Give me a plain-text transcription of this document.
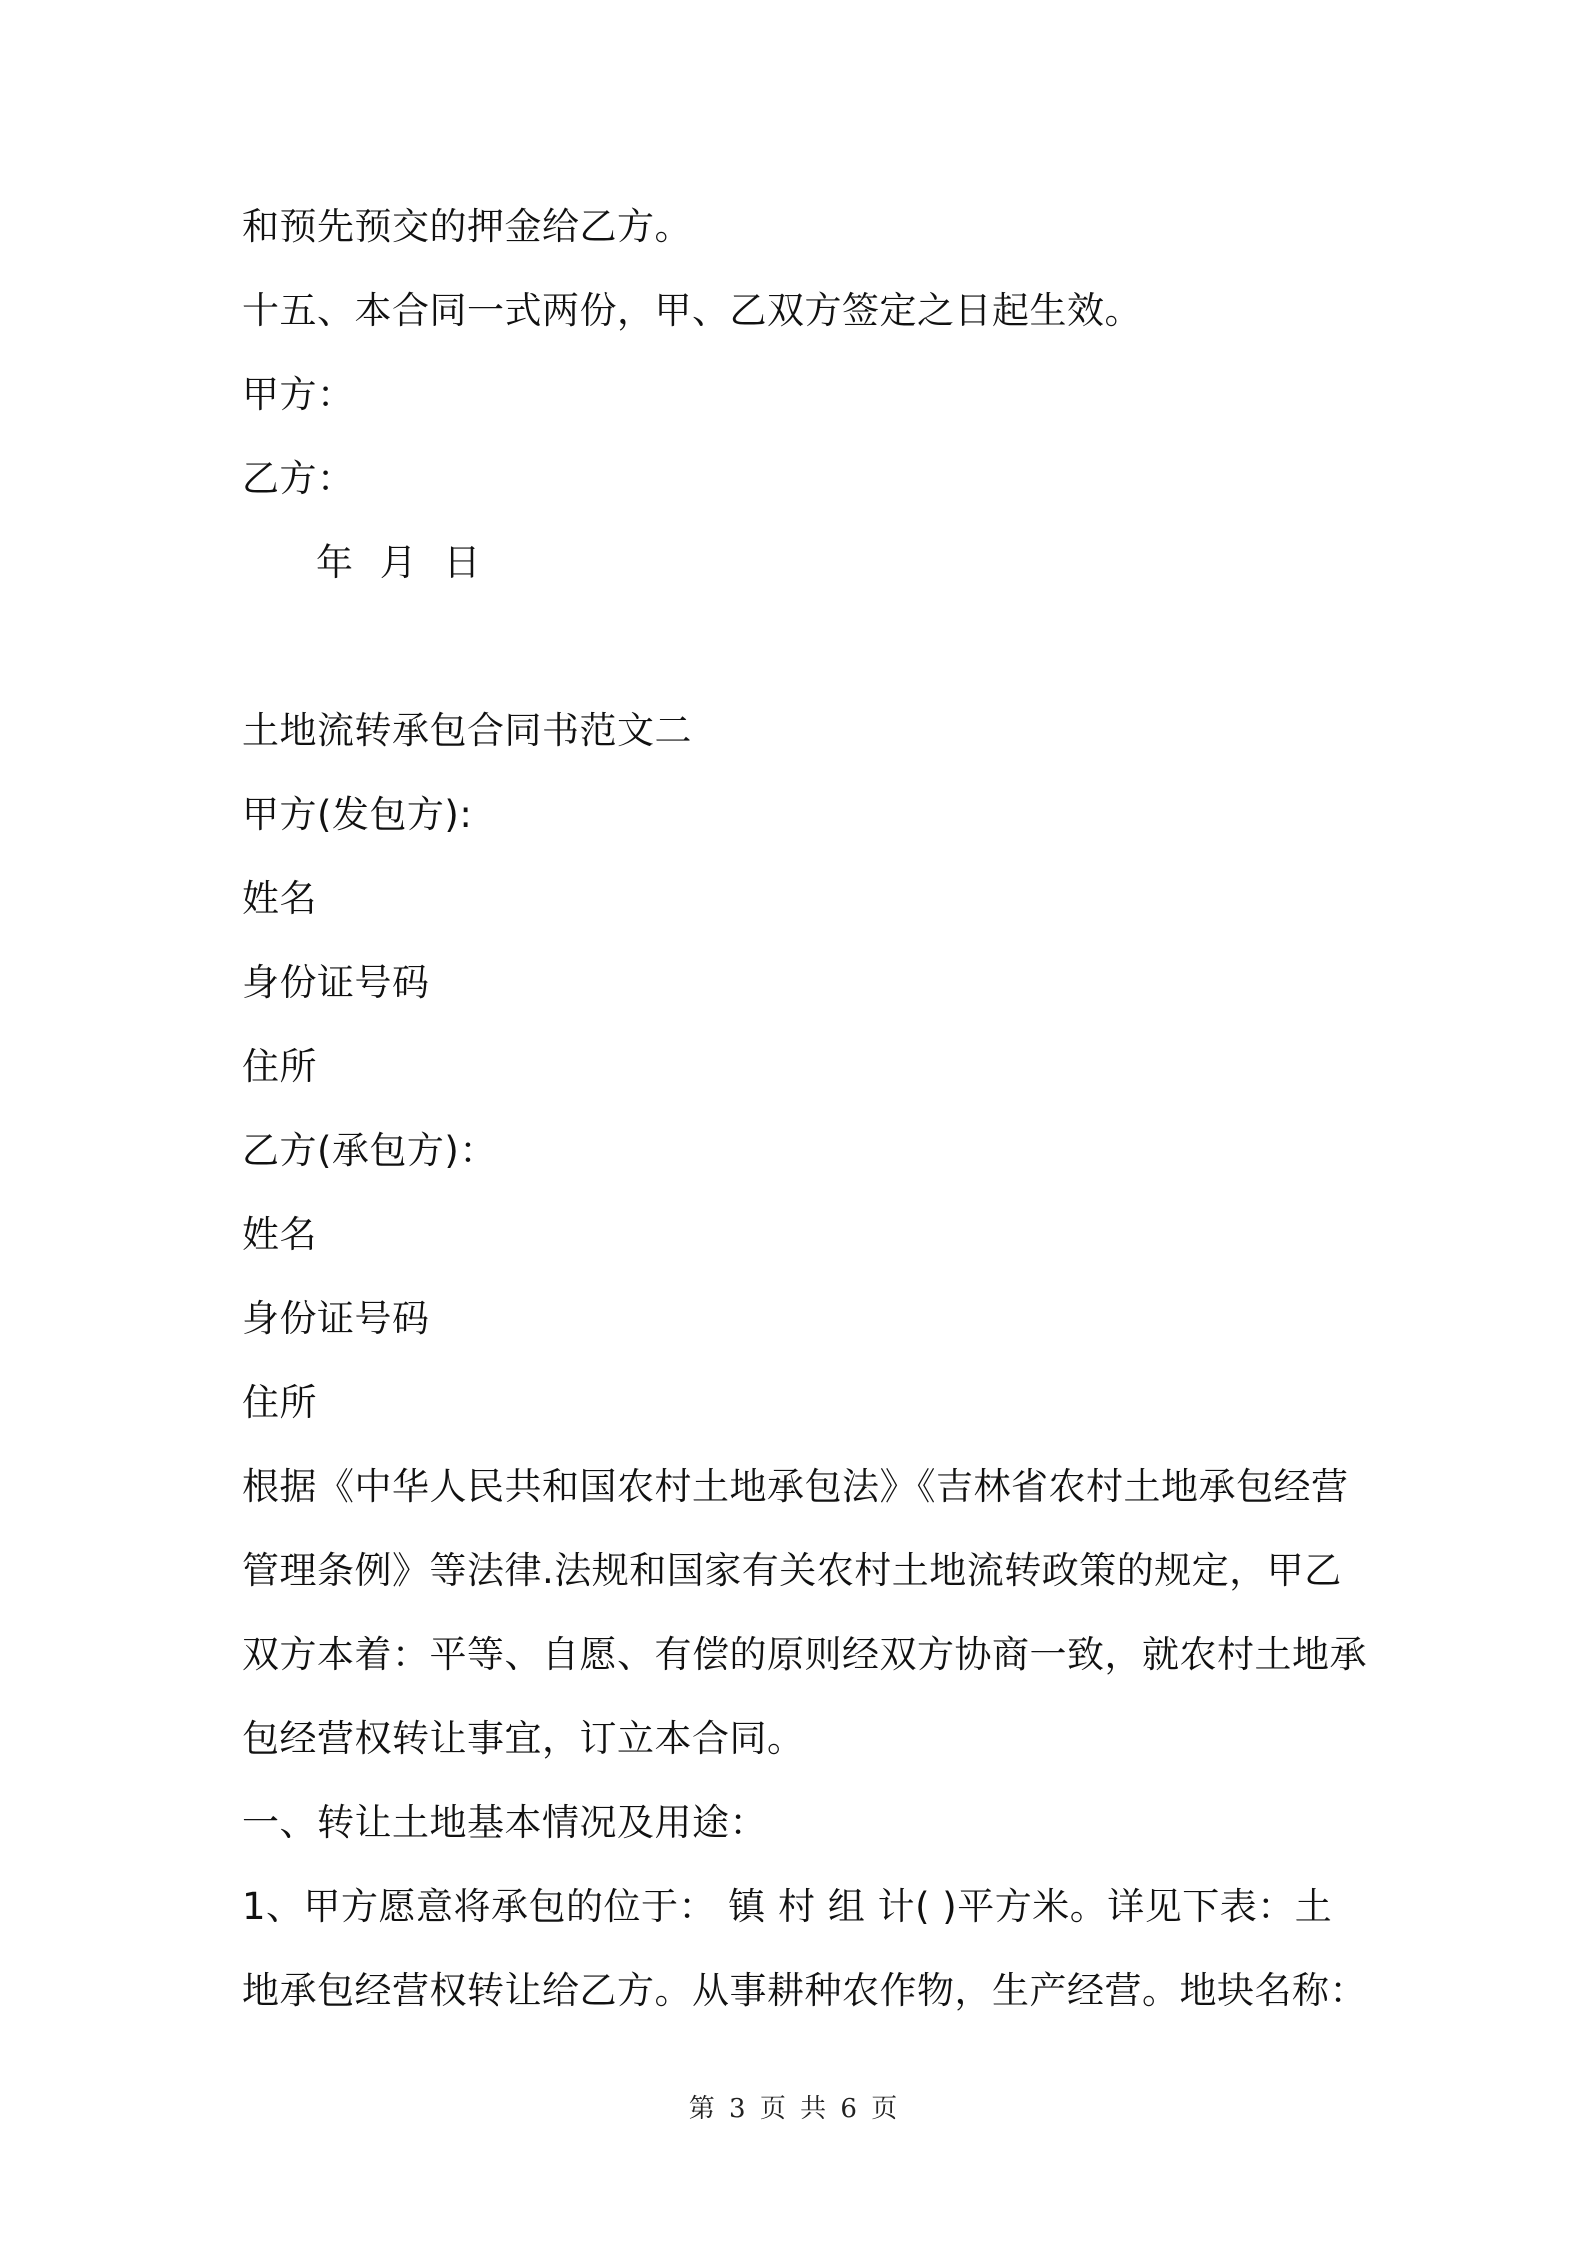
和预先预交的押金给乙方。
十五、本合同一式两份，甲、乙双方签定之日起生效。
甲方：
乙方：
年 月 日
土地流转承包合同书范文二
甲方(发包方):
姓名
身份证号码
住所
乙方(承包方)：
姓名
身份证号码
住所
根据《中华人民共和国农村土地承包法》《吉林省农村土地承包经营
管理条例》等法律.法规和国家有关农村土地流转政策的规定，甲乙
双方本着：平等、自愿、有偿的原则经双方协商一致，就农村土地承
包经营权转让事宜，订立本合同。
一、转让土地基本情况及用途：
1、甲方愿意将承包的位于： 镇 村 组 计( )平方米。详见下表：土
地承包经营权转让给乙方。从事耕种农作物，生产经营。地块名称：
第 3 页 共 6 页
